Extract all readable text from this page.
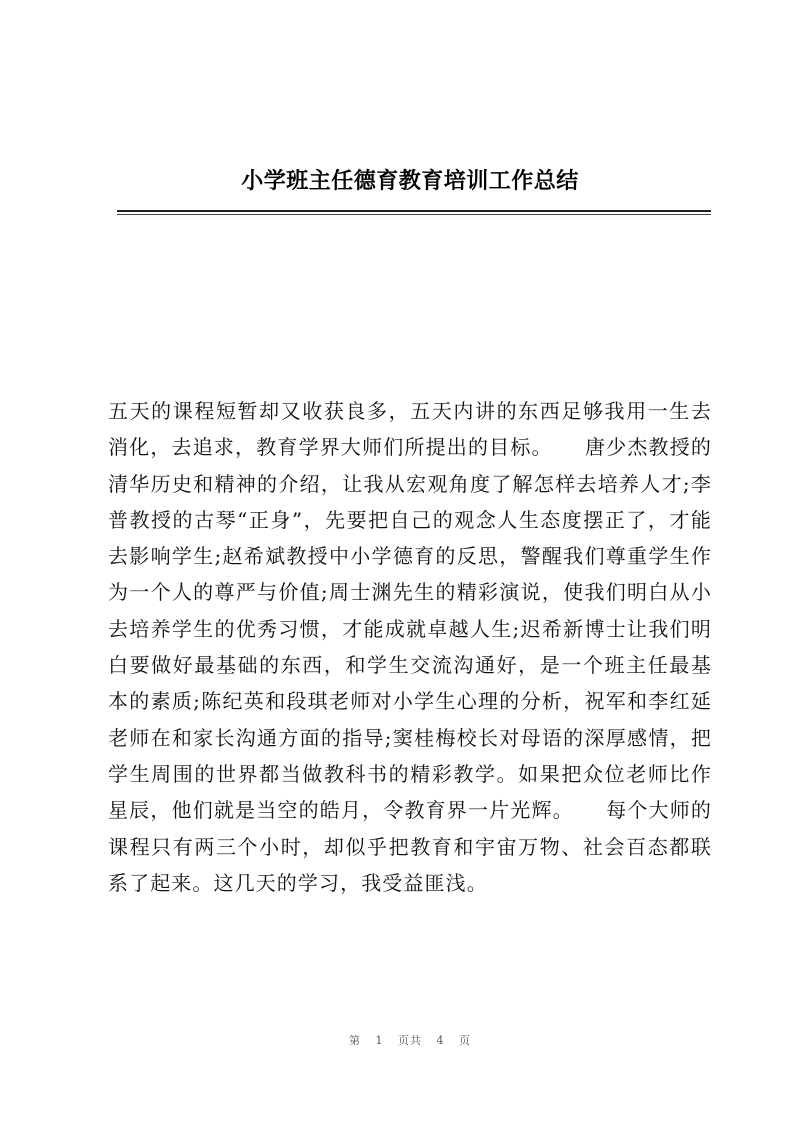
小学班主任德育教育培训工作总结

五天的课程短暂却又收获良多，五天内讲的东西足够我用一生去消化，去追求，教育学界大师们所提出的目标。　　唐少杰教授的清华历史和精神的介绍，让我从宏观角度了解怎样去培养人才;李普教授的古琴“正身”，先要把自己的观念人生态度摆正了，才能去影响学生;赵希斌教授中小学德育的反思，警醒我们尊重学生作为一个人的尊严与价值;周士渊先生的精彩演说，使我们明白从小去培养学生的优秀习惯，才能成就卓越人生;迟希新博士让我们明白要做好最基础的东西，和学生交流沟通好，是一个班主任最基本的素质;陈纪英和段琪老师对小学生心理的分析，祝军和李红延老师在和家长沟通方面的指导;窦桂梅校长对母语的深厚感情，把学生周围的世界都当做教科书的精彩教学。如果把众位老师比作星辰，他们就是当空的皓月，令教育界一片光辉。　　每个大师的课程只有两三个小时，却似乎把教育和宇宙万物、社会百态都联系了起来。这几天的学习，我受益匪浅。

第 1 页共 4 页
